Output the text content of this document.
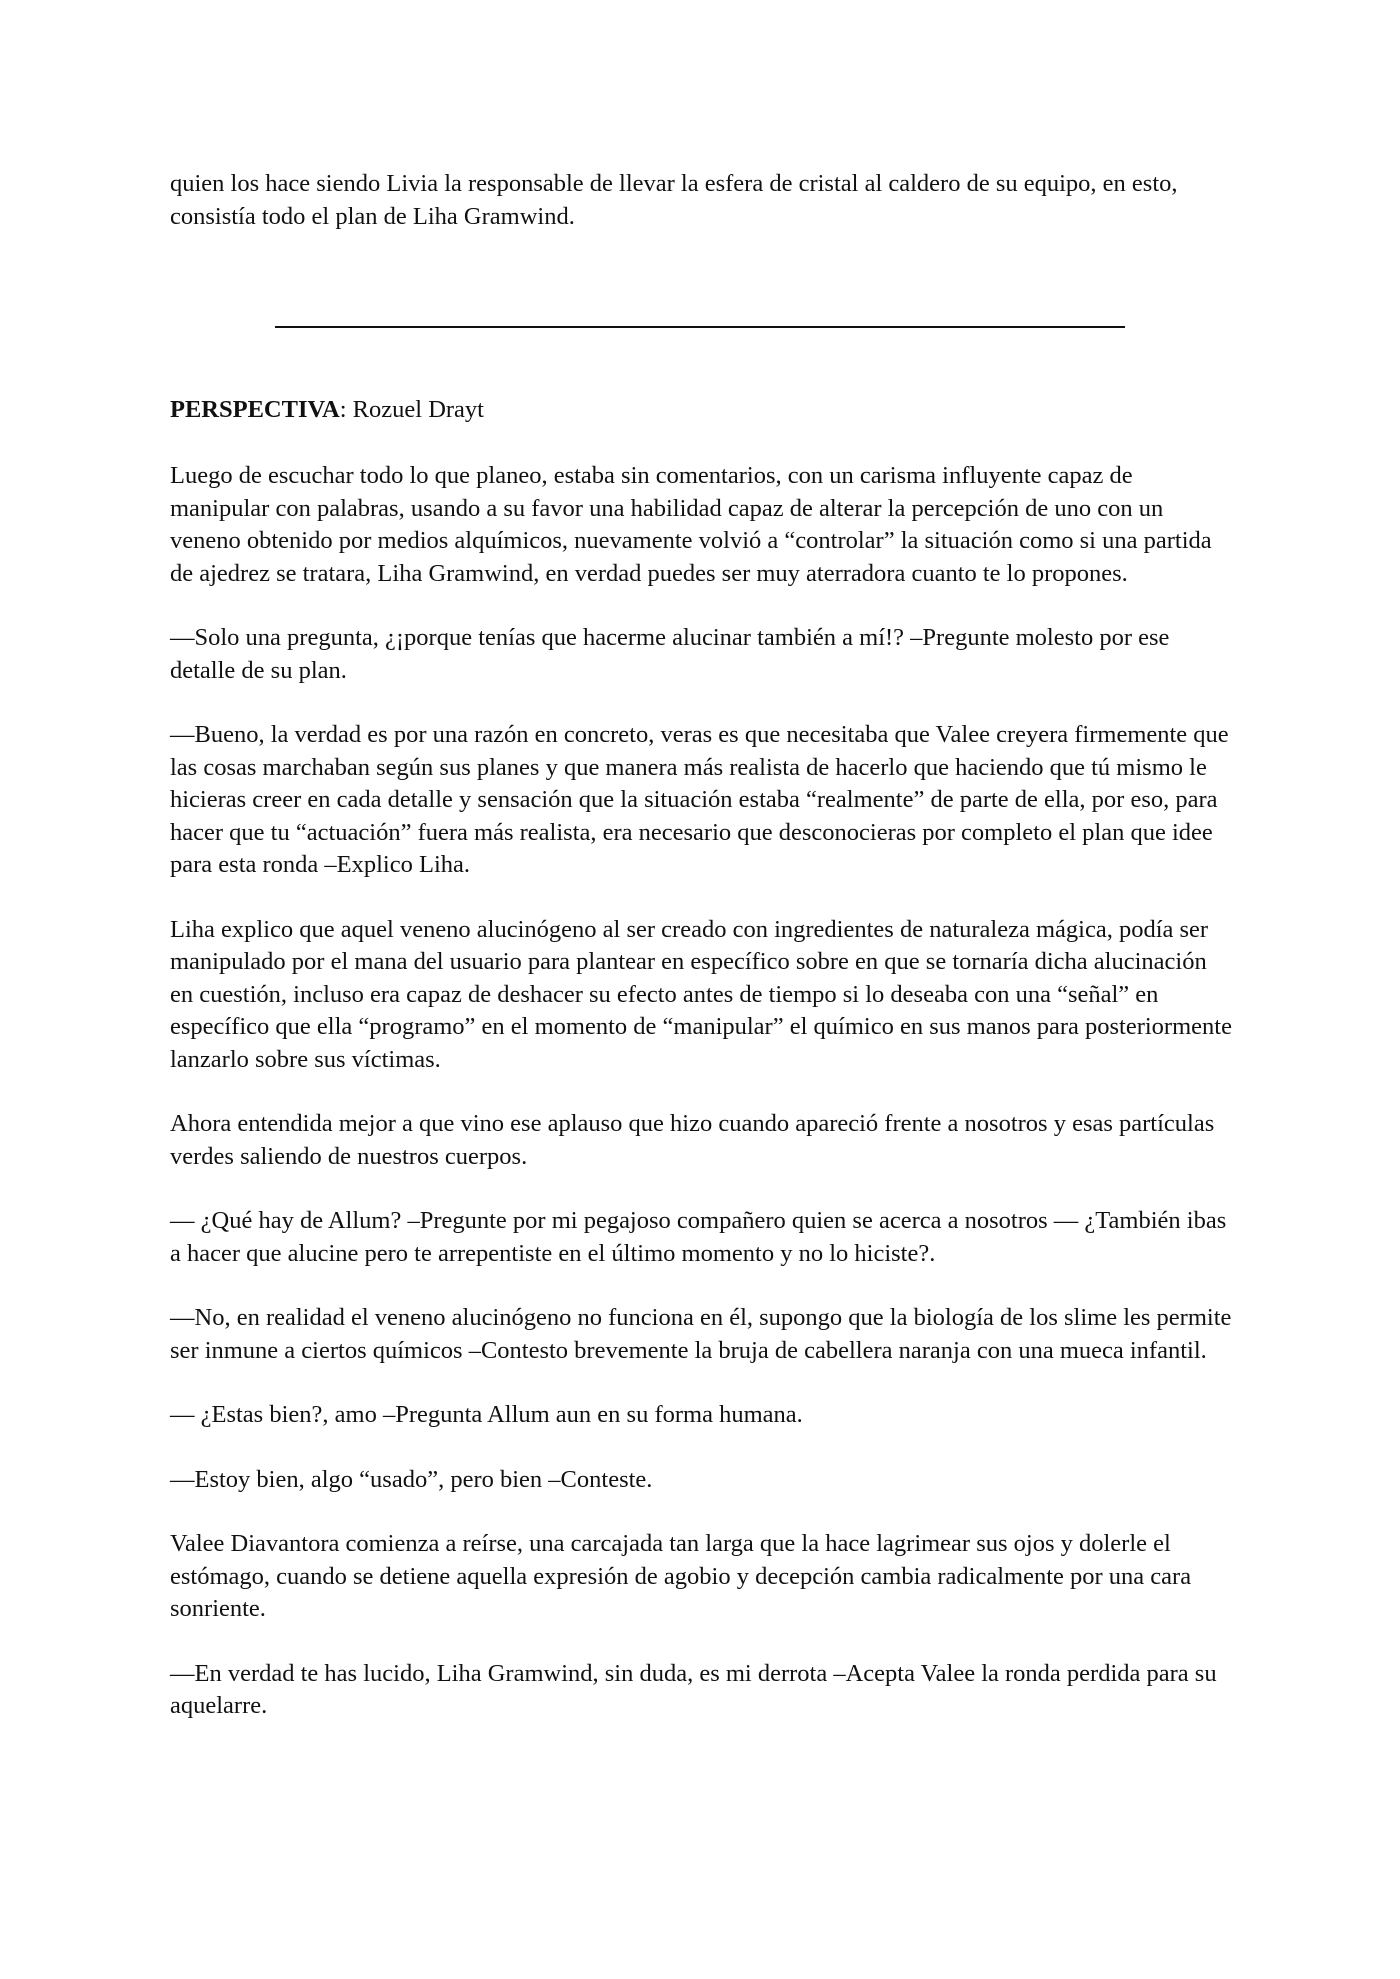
quien los hace siendo Livia la responsable de llevar la esfera de cristal al caldero de su equipo, en esto, consistía todo el plan de Liha Gramwind.

PERSPECTIVA: Rozuel Drayt

Luego de escuchar todo lo que planeo, estaba sin comentarios, con un carisma influyente capaz de manipular con palabras, usando a su favor una habilidad capaz de alterar la percepción de uno con un veneno obtenido por medios alquímicos, nuevamente volvió a “controlar” la situación como si una partida de ajedrez se tratara, Liha Gramwind, en verdad puedes ser muy aterradora cuanto te lo propones.

—Solo una pregunta, ¿¡porque tenías que hacerme alucinar también a mí!? –Pregunte molesto por ese detalle de su plan.

—Bueno, la verdad es por una razón en concreto, veras es que necesitaba que Valee creyera firmemente que las cosas marchaban según sus planes y que manera más realista de hacerlo que haciendo que tú mismo le hicieras creer en cada detalle y sensación que la situación estaba “realmente” de parte de ella, por eso, para hacer que tu “actuación” fuera más realista, era necesario que desconocieras por completo el plan que idee para esta ronda –Explico Liha.

Liha explico que aquel veneno alucinógeno al ser creado con ingredientes de naturaleza mágica, podía ser manipulado por el mana del usuario para plantear en específico sobre en que se tornaría dicha alucinación en cuestión, incluso era capaz de deshacer su efecto antes de tiempo si lo deseaba con una “señal” en específico que ella “programo” en el momento de “manipular” el químico en sus manos para posteriormente lanzarlo sobre sus víctimas.

Ahora entendida mejor a que vino ese aplauso que hizo cuando apareció frente a nosotros y esas partículas verdes saliendo de nuestros cuerpos.

— ¿Qué hay de Allum? –Pregunte por mi pegajoso compañero quien se acerca a nosotros — ¿También ibas a hacer que alucine pero te arrepentiste en el último momento y no lo hiciste?.

—No, en realidad el veneno alucinógeno no funciona en él, supongo que la biología de los slime les permite ser inmune a ciertos químicos –Contesto brevemente la bruja de cabellera naranja con una mueca infantil.

— ¿Estas bien?, amo –Pregunta Allum aun en su forma humana.

—Estoy bien, algo “usado”, pero bien –Conteste.

Valee Diavantora comienza a reírse, una carcajada tan larga que la hace lagrimear sus ojos y dolerle el estómago, cuando se detiene aquella expresión de agobio y decepción cambia radicalmente por una cara sonriente.

—En verdad te has lucido, Liha Gramwind, sin duda, es mi derrota –Acepta Valee la ronda perdida para su aquelarre.
